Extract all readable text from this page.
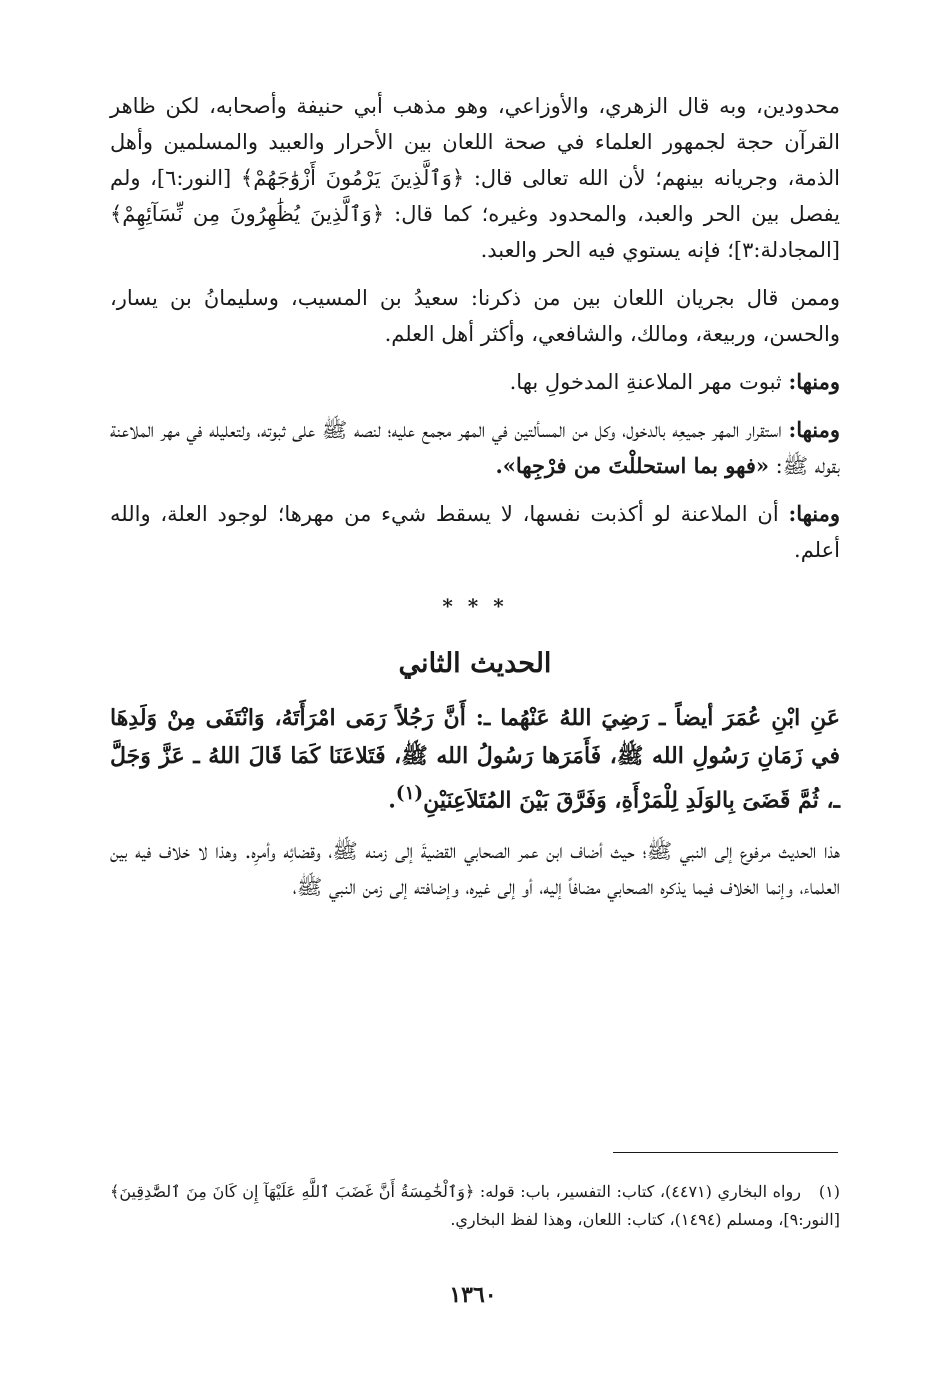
محدودين، وبه قال الزهري، والأوزاعي، وهو مذهب أبي حنيفة وأصحابه، لكن ظاهر القرآن حجة لجمهور العلماء في صحة اللعان بين الأحرار والعبيد والمسلمين وأهل الذمة، وجريانه بينهم؛ لأن الله تعالى قال: ﴿وَٱلَّذِينَ يَرْمُونَ أَزْوَٰجَهُمْ﴾ [النور:٦]، ولم يفصل بين الحر والعبد، والمحدود وغيره؛ كما قال: ﴿وَٱلَّذِينَ يُظَٰهِرُونَ مِن نِّسَآئِهِمْ﴾ [المجادلة:٣]؛ فإنه يستوي فيه الحر والعبد.

وممن قال بجريان اللعان بين من ذكرنا: سعيدُ بن المسيب، وسليمانُ بن يسار، والحسن، وربيعة، ومالك، والشافعي، وأكثر أهل العلم.

ومنها: ثبوت مهر الملاعنةِ المدخولِ بها.

ومنها: استقرار المهر جميعِه بالدخول، وكل من المسألتين في المهر مجمع عليه؛ لنصه ﷺ على ثبوته، ولتعليله في مهر الملاعنة بقوله ﷺ: «فهو بما استحللْتَ من فرْجِها».

ومنها: أن الملاعنة لو أكذبت نفسها، لا يسقط شيء من مهرها؛ لوجود العلة، والله أعلم.

* * *
الحديث الثاني

عَنِ ابْنِ عُمَرَ أيضاً ـ رَضِيَ اللهُ عَنْهُما ـ: أَنَّ رَجُلاً رَمَى امْرَأَتَهُ، وَانْتَفَى مِنْ وَلَدِهَا في زَمَانِ رَسُولِ الله ﷺ، فَأَمَرَها رَسُولُ الله ﷺ، فَتَلاعَنَا كَمَا قَالَ اللهُ ـ عَزَّ وَجَلَّ ـ، ثُمَّ قَضَىَ بِالوَلَدِ لِلْمَرْأَةِ، وَفَرَّقَ بَيْنَ المُتَلاَعِنَيْنِ$^{(١)}$.

هذا الحديث مرفوع إلى النبي ﷺ؛ حيث أضاف ابن عمر الصحابي القضيةَ إلى زمنه ﷺ، وقضائِه وأمرِه. وهذا لا خلاف فيه بين العلماء، وإنما الخلاف فيما يذكره الصحابي مضافاً إليه، أو إلى غيره، وإضافته إلى زمن النبي ﷺ،

(١)رواه البخاري (٤٤٧١)، كتاب: التفسير، باب: قوله: ﴿وَٱلْخَٰمِسَةُ أَنَّ غَضَبَ ٱللَّهِ عَلَيْهَآ إِن كَانَ مِنَ ٱلصَّٰدِقِينَ﴾ [النور:٩]، ومسلم (١٤٩٤)، كتاب: اللعان، وهذا لفظ البخاري.
١٣٦٠
